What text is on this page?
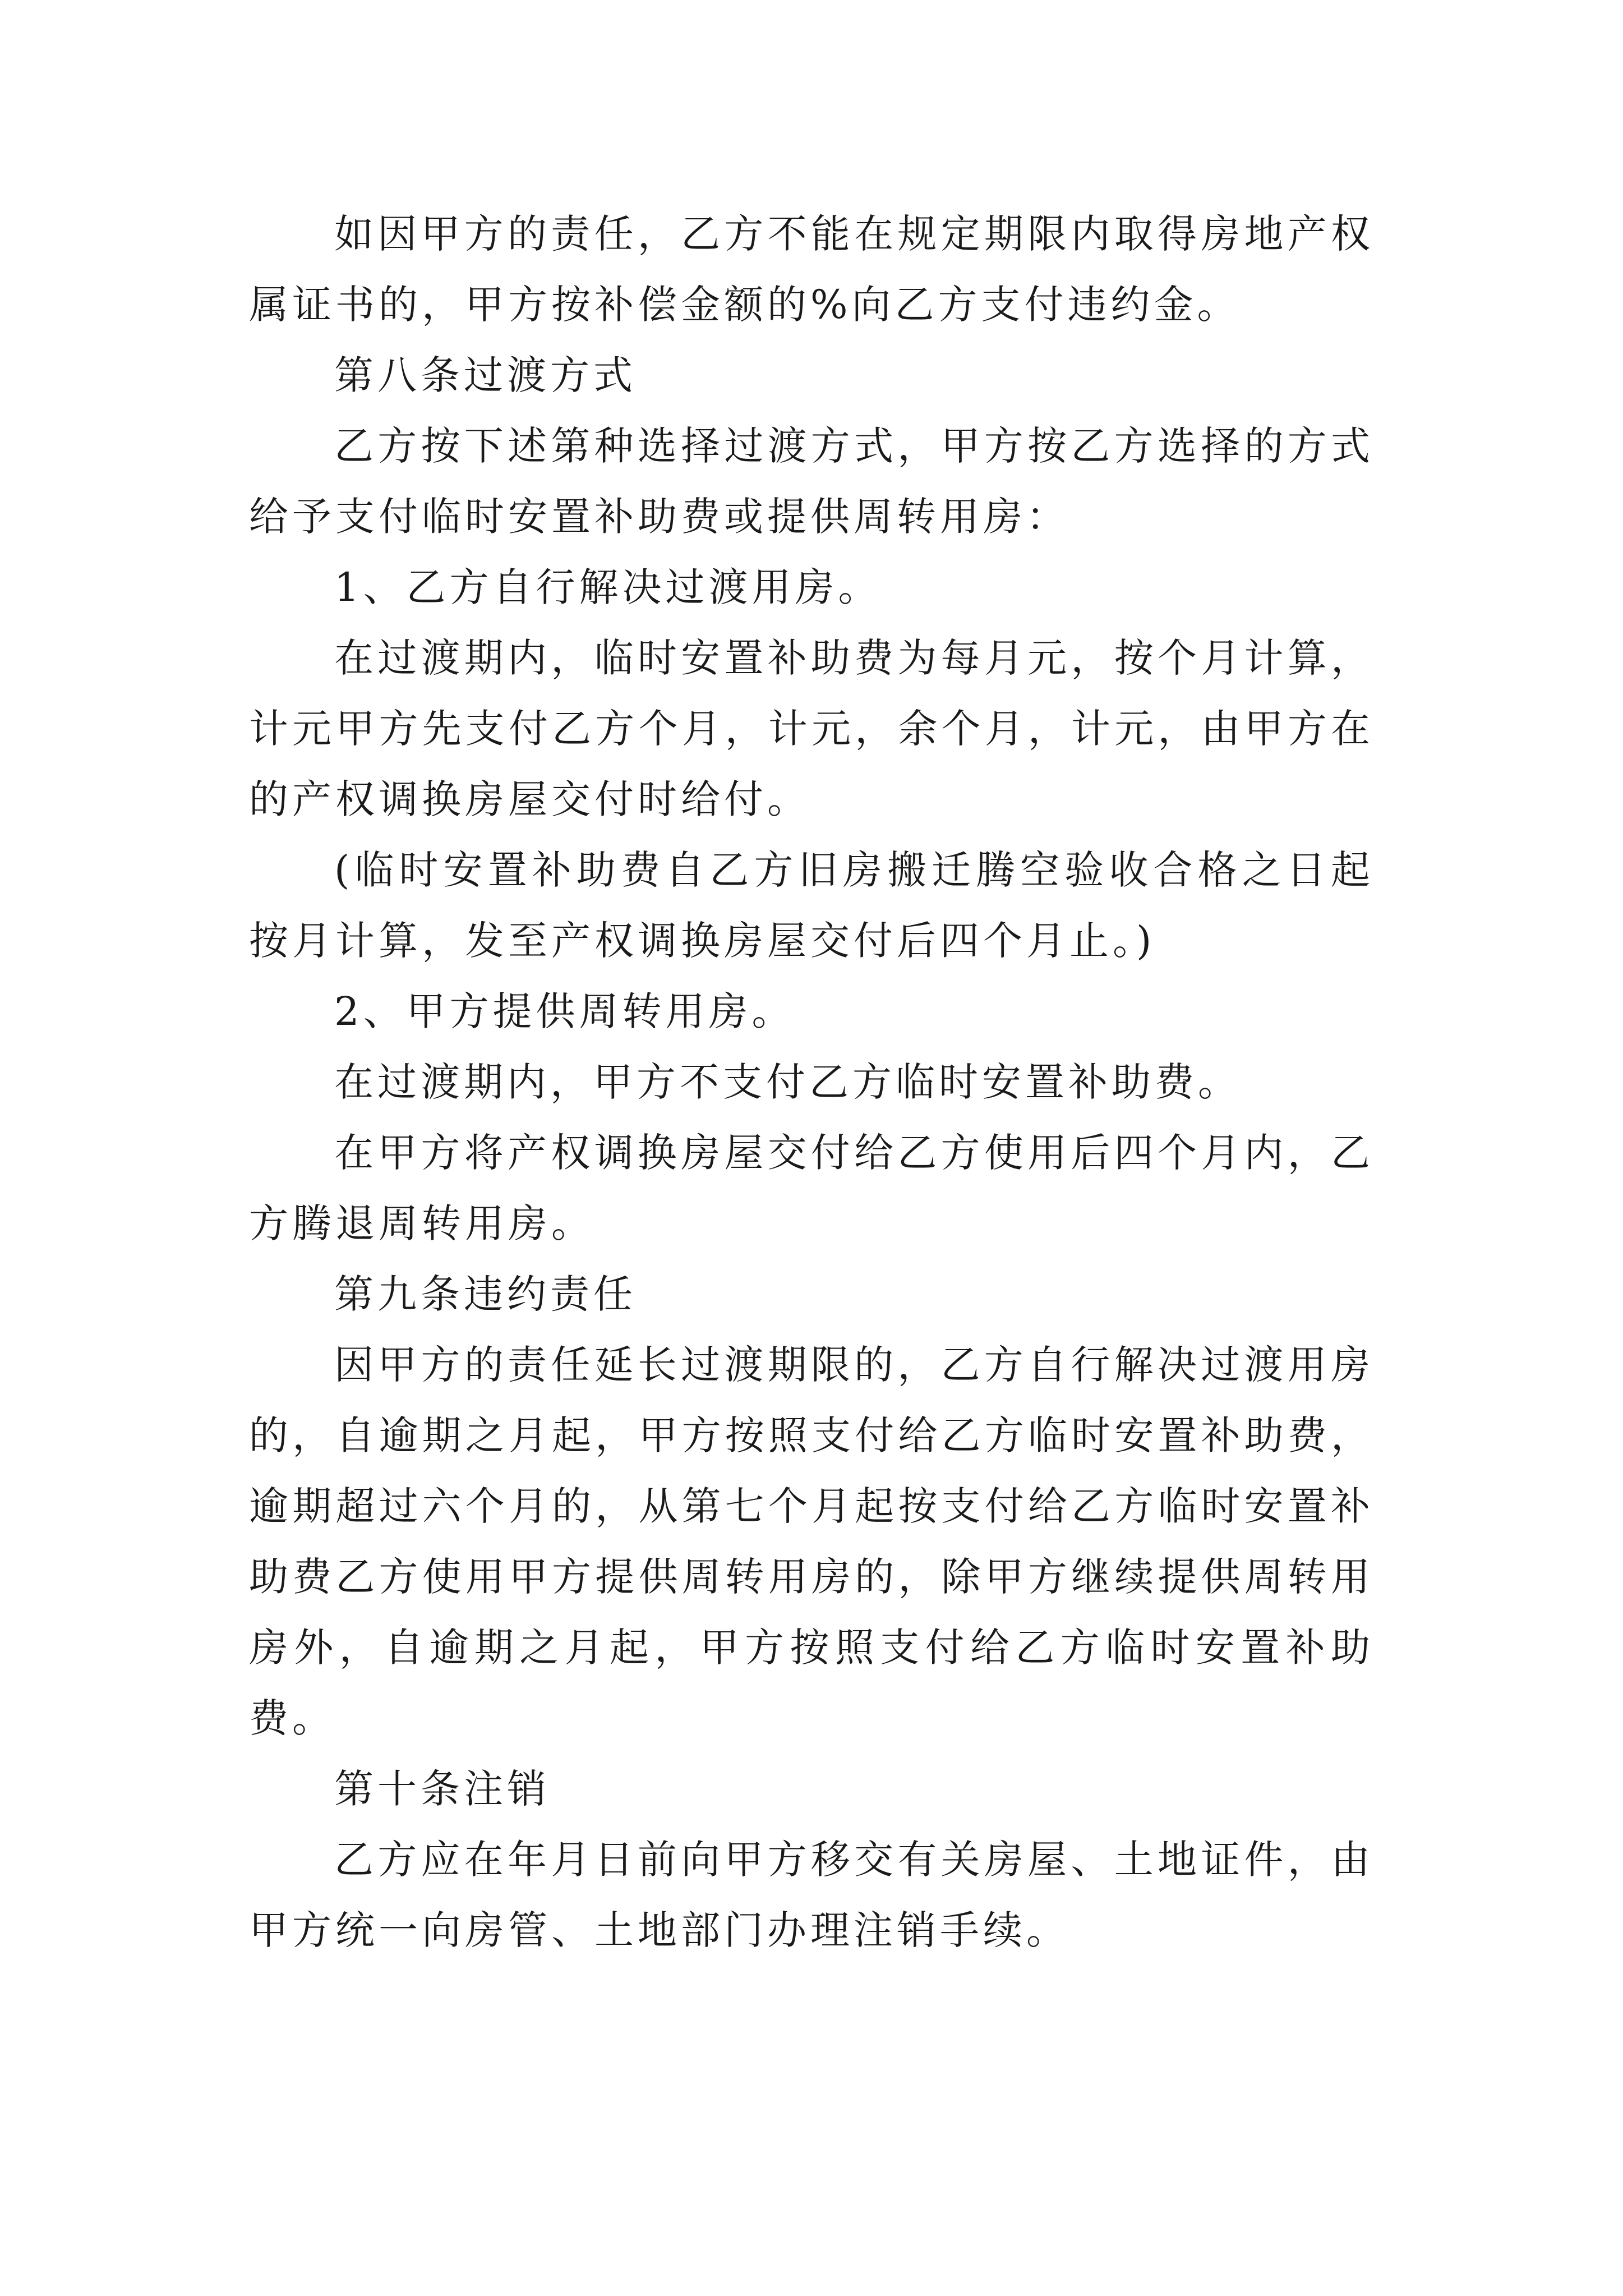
如因甲方的责任，乙方不能在规定期限内取得房地产权属证书的，甲方按补偿金额的%向乙方支付违约金。

第八条过渡方式

乙方按下述第种选择过渡方式，甲方按乙方选择的方式给予支付临时安置补助费或提供周转用房：

1、乙方自行解决过渡用房。

在过渡期内，临时安置补助费为每月元，按个月计算，计元甲方先支付乙方个月，计元，余个月，计元，由甲方在的产权调换房屋交付时给付。

(临时安置补助费自乙方旧房搬迁腾空验收合格之日起按月计算，发至产权调换房屋交付后四个月止。)

2、甲方提供周转用房。

在过渡期内，甲方不支付乙方临时安置补助费。

在甲方将产权调换房屋交付给乙方使用后四个月内，乙方腾退周转用房。

第九条违约责任

因甲方的责任延长过渡期限的，乙方自行解决过渡用房的，自逾期之月起，甲方按照支付给乙方临时安置补助费，逾期超过六个月的，从第七个月起按支付给乙方临时安置补助费乙方使用甲方提供周转用房的，除甲方继续提供周转用房外，自逾期之月起，甲方按照支付给乙方临时安置补助费。

第十条注销

乙方应在年月日前向甲方移交有关房屋、土地证件，由甲方统一向房管、土地部门办理注销手续。
